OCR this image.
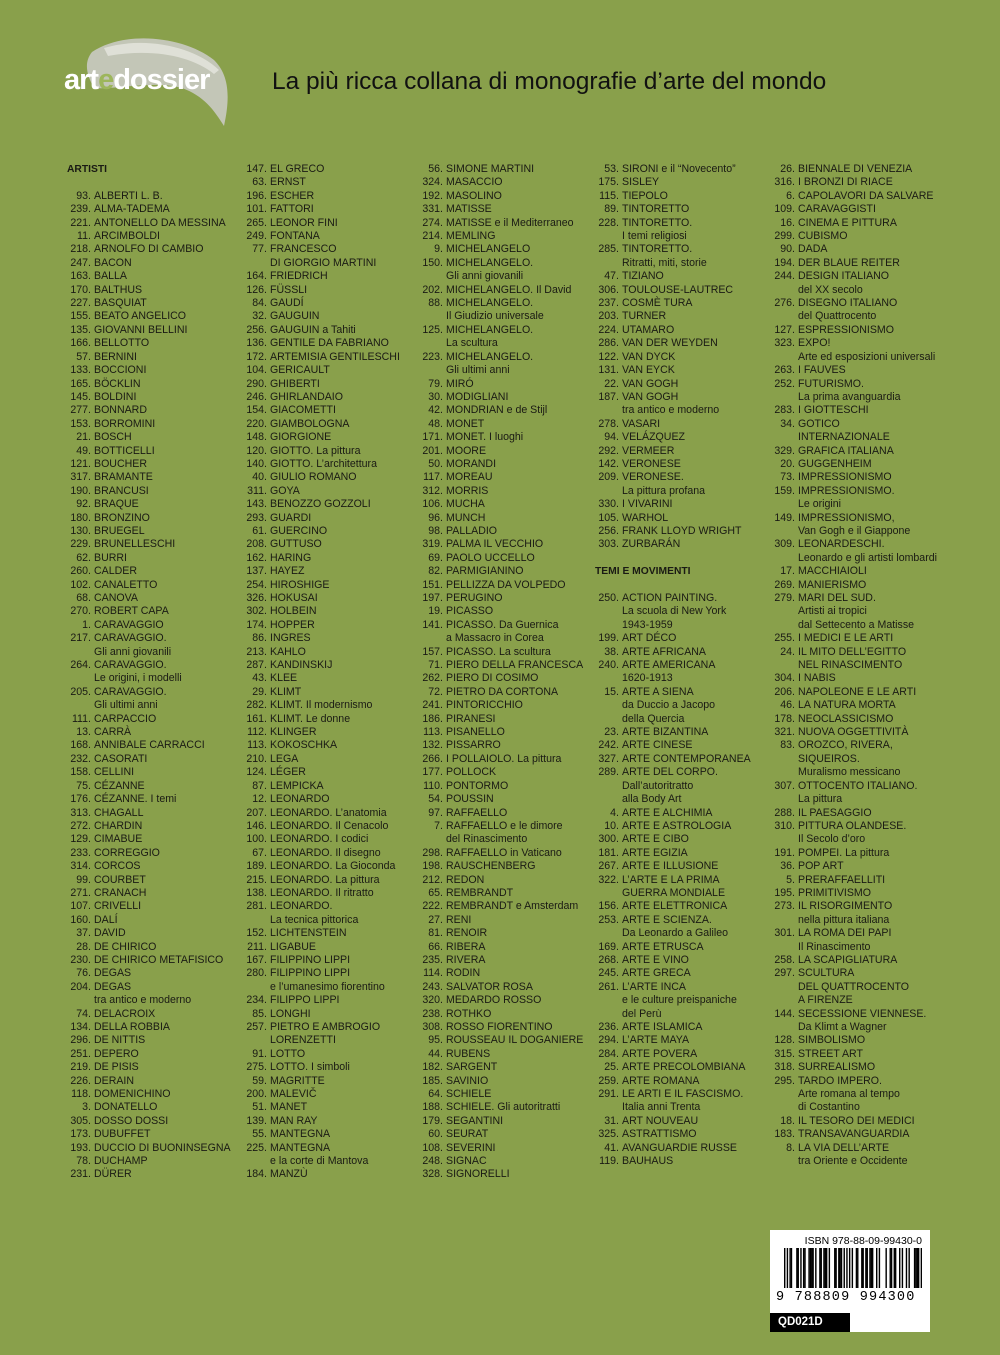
artedossier	La più ricca collana di monografie d’arte del mondo
ARTISTI
93. ALBERTI L. B.
239. ALMA-TADEMA
221. ANTONELLO DA MESSINA
11. ARCIMBOLDI
218. ARNOLFO DI CAMBIO
247. BACON
163. BALLA
170. BALTHUS
227. BASQUIAT
155. BEATO ANGELICO
135. GIOVANNI BELLINI
166. BELLOTTO
57. BERNINI
133. BOCCIONI
165. BÖCKLIN
145. BOLDINI
277. BONNARD
153. BORROMINI
21. BOSCH
49. BOTTICELLI
121. BOUCHER
317. BRAMANTE
190. BRANCUSI
92. BRAQUE
180. BRONZINO
130. BRUEGEL
229. BRUNELLESCHI
62. BURRI
260. CALDER
102. CANALETTO
68. CANOVA
270. ROBERT CAPA
1. CARAVAGGIO
217. CARAVAGGIO.
Gli anni giovanili
264. CARAVAGGIO.
Le origini, i modelli
205. CARAVAGGIO.
Gli ultimi anni
111. CARPACCIO
13. CARRÀ
168. ANNIBALE CARRACCI
232. CASORATI
158. CELLINI
75. CÉZANNE
176. CÉZANNE. I temi
313. CHAGALL
272. CHARDIN
129. CIMABUE
233. CORREGGIO
314. CORCOS
99. COURBET
271. CRANACH
107. CRIVELLI
160. DALÍ
37. DAVID
28. DE CHIRICO
230. DE CHIRICO METAFISICO
76. DEGAS
204. DEGAS
tra antico e moderno
74. DELACROIX
134. DELLA ROBBIA
296. DE NITTIS
251. DEPERO
219. DE PISIS
226. DERAIN
118. DOMENICHINO
3. DONATELLO
305. DOSSO DOSSI
173. DUBUFFET
193. DUCCIO DI BUONINSEGNA
78. DUCHAMP
231. DÜRER
147. EL GRECO
63. ERNST
196. ESCHER
101. FATTORI
265. LEONOR FINI
249. FONTANA
77. FRANCESCO
DI GIORGIO MARTINI
164. FRIEDRICH
126. FÜSSLI
84. GAUDÍ
32. GAUGUIN
256. GAUGUIN a Tahiti
136. GENTILE DA FABRIANO
172. ARTEMISIA GENTILESCHI
104. GERICAULT
290. GHIBERTI
246. GHIRLANDAIO
154. GIACOMETTI
220. GIAMBOLOGNA
148. GIORGIONE
120. GIOTTO. La pittura
140. GIOTTO. L’architettura
40. GIULIO ROMANO
311. GOYA
143. BENOZZO GOZZOLI
293. GUARDI
61. GUERCINO
208. GUTTUSO
162. HARING
137. HAYEZ
254. HIROSHIGE
326. HOKUSAI
302. HOLBEIN
174. HOPPER
86. INGRES
213. KAHLO
287. KANDINSKIJ
43. KLEE
29. KLIMT
282. KLIMT. Il modernismo
161. KLIMT. Le donne
112. KLINGER
113. KOKOSCHKA
210. LEGA
124. LÉGER
87. LEMPICKA
12. LEONARDO
207. LEONARDO. L’anatomia
146. LEONARDO. Il Cenacolo
100. LEONARDO. I codici
67. LEONARDO. Il disegno
189. LEONARDO. La Gioconda
215. LEONARDO. La pittura
138. LEONARDO. Il ritratto
281. LEONARDO.
La tecnica pittorica
152. LICHTENSTEIN
211. LIGABUE
167. FILIPPINO LIPPI
280. FILIPPINO LIPPI
e l’umanesimo fiorentino
234. FILIPPO LIPPI
85. LONGHI
257. PIETRO E AMBROGIO
LORENZETTI
91. LOTTO
275. LOTTO. I simboli
59. MAGRITTE
200. MALEVIČ
51. MANET
139. MAN RAY
55. MANTEGNA
225. MANTEGNA
e la corte di Mantova
184. MANZÙ
56. SIMONE MARTINI
324. MASACCIO
192. MASOLINO
331. MATISSE
274. MATISSE e il Mediterraneo
214. MEMLING
9. MICHELANGELO
150. MICHELANGELO.
Gli anni giovanili
202. MICHELANGELO. Il David
88. MICHELANGELO.
Il Giudizio universale
125. MICHELANGELO.
La scultura
223. MICHELANGELO.
Gli ultimi anni
79. MIRÓ
30. MODIGLIANI
42. MONDRIAN e de Stijl
48. MONET
171. MONET. I luoghi
201. MOORE
50. MORANDI
117. MOREAU
312. MORRIS
106. MUCHA
96. MUNCH
98. PALLADIO
319. PALMA IL VECCHIO
69. PAOLO UCCELLO
82. PARMIGIANINO
151. PELLIZZA DA VOLPEDO
197. PERUGINO
19. PICASSO
141. PICASSO. Da Guernica
a Massacro in Corea
157. PICASSO. La scultura
71. PIERO DELLA FRANCESCA
262. PIERO DI COSIMO
72. PIETRO DA CORTONA
241. PINTORICCHIO
186. PIRANESI
113. PISANELLO
132. PISSARRO
266. I POLLAIOLO. La pittura
177. POLLOCK
110. PONTORMO
54. POUSSIN
97. RAFFAELLO
7. RAFFAELLO e le dimore
del Rinascimento
298. RAFFAELLO in Vaticano
198. RAUSCHENBERG
212. REDON
65. REMBRANDT
222. REMBRANDT e Amsterdam
27. RENI
81. RENOIR
66. RIBERA
235. RIVERA
114. RODIN
243. SALVATOR ROSA
320. MEDARDO ROSSO
238. ROTHKO
308. ROSSO FIORENTINO
95. ROUSSEAU IL DOGANIERE
44. RUBENS
182. SARGENT
185. SAVINIO
64. SCHIELE
188. SCHIELE. Gli autoritratti
179. SEGANTINI
60. SEURAT
108. SEVERINI
248. SIGNAC
328. SIGNORELLI
53. SIRONI e il “Novecento”
175. SISLEY
115. TIEPOLO
89. TINTORETTO
228. TINTORETTO.
I temi religiosi
285. TINTORETTO.
Ritratti, miti, storie
47. TIZIANO
306. TOULOUSE-LAUTREC
237. COSMÈ TURA
203. TURNER
224. UTAMARO
286. VAN DER WEYDEN
122. VAN DYCK
131. VAN EYCK
22. VAN GOGH
187. VAN GOGH
tra antico e moderno
278. VASARI
94. VELÁZQUEZ
292. VERMEER
142. VERONESE
209. VERONESE.
La pittura profana
330. I VIVARINI
105. WARHOL
256. FRANK LLOYD WRIGHT
303. ZURBARÁN
TEMI E MOVIMENTI
250. ACTION PAINTING.
La scuola di New York
1943-1959
199. ART DÉCO
38. ARTE AFRICANA
240. ARTE AMERICANA
1620-1913
15. ARTE A SIENA
da Duccio a Jacopo
della Quercia
23. ARTE BIZANTINA
242. ARTE CINESE
327. ARTE CONTEMPORANEA
289. ARTE DEL CORPO.
Dall’autoritratto
alla Body Art
4. ARTE E ALCHIMIA
10. ARTE E ASTROLOGIA
300. ARTE E CIBO
181. ARTE EGIZIA
267. ARTE E ILLUSIONE
322. L’ARTE E LA PRIMA
GUERRA MONDIALE
156. ARTE ELETTRONICA
253. ARTE E SCIENZA.
Da Leonardo a Galileo
169. ARTE ETRUSCA
268. ARTE E VINO
245. ARTE GRECA
261. L’ARTE INCA
e le culture preispaniche
del Perù
236. ARTE ISLAMICA
294. L’ARTE MAYA
284. ARTE POVERA
25. ARTE PRECOLOMBIANA
259. ARTE ROMANA
291. LE ARTI E IL FASCISMO.
Italia anni Trenta
31. ART NOUVEAU
325. ASTRATTISMO
41. AVANGUARDIE RUSSE
119. BAUHAUS
26. BIENNALE DI VENEZIA
316. I BRONZI DI RIACE
6. CAPOLAVORI DA SALVARE
109. CARAVAGGISTI
16. CINEMA E PITTURA
299. CUBISMO
90. DADA
194. DER BLAUE REITER
244. DESIGN ITALIANO
del XX secolo
276. DISEGNO ITALIANO
del Quattrocento
127. ESPRESSIONISMO
323. EXPO!
Arte ed esposizioni universali
263. I FAUVES
252. FUTURISMO.
La prima avanguardia
283. I GIOTTESCHI
34. GOTICO
INTERNAZIONALE
329. GRAFICA ITALIANA
20. GUGGENHEIM
73. IMPRESSIONISMO
159. IMPRESSIONISMO.
Le origini
149. IMPRESSIONISMO,
Van Gogh e il Giappone
309. LEONARDESCHI.
Leonardo e gli artisti lombardi
17. MACCHIAIOLI
269. MANIERISMO
279. MARI DEL SUD.
Artisti ai tropici
dal Settecento a Matisse
255. I MEDICI E LE ARTI
24. IL MITO DELL’EGITTO
NEL RINASCIMENTO
304. I NABIS
206. NAPOLEONE E LE ARTI
46. LA NATURA MORTA
178. NEOCLASSICISMO
321. NUOVA OGGETTIVITÀ
83. OROZCO, RIVERA,
SIQUEIROS.
Muralismo messicano
307. OTTOCENTO ITALIANO.
La pittura
288. IL PAESAGGIO
310. PITTURA OLANDESE.
Il Secolo d’oro
191. POMPEI. La pittura
36. POP ART
5. PRERAFFAELLITI
195. PRIMITIVISMO
273. IL RISORGIMENTO
nella pittura italiana
301. LA ROMA DEI PAPI
Il Rinascimento
258. LA SCAPIGLIATURA
297. SCULTURA
DEL QUATTROCENTO
A FIRENZE
144. SECESSIONE VIENNESE.
Da Klimt a Wagner
128. SIMBOLISMO
315. STREET ART
318. SURREALISMO
295. TARDO IMPERO.
Arte romana al tempo
di Costantino
18. IL TESORO DEI MEDICI
183. TRANSAVANGUARDIA
8. LA VIA DELL’ARTE
tra Oriente e Occidente
ISBN 978-88-09-99430-0
9 788809 994300
QD021D
